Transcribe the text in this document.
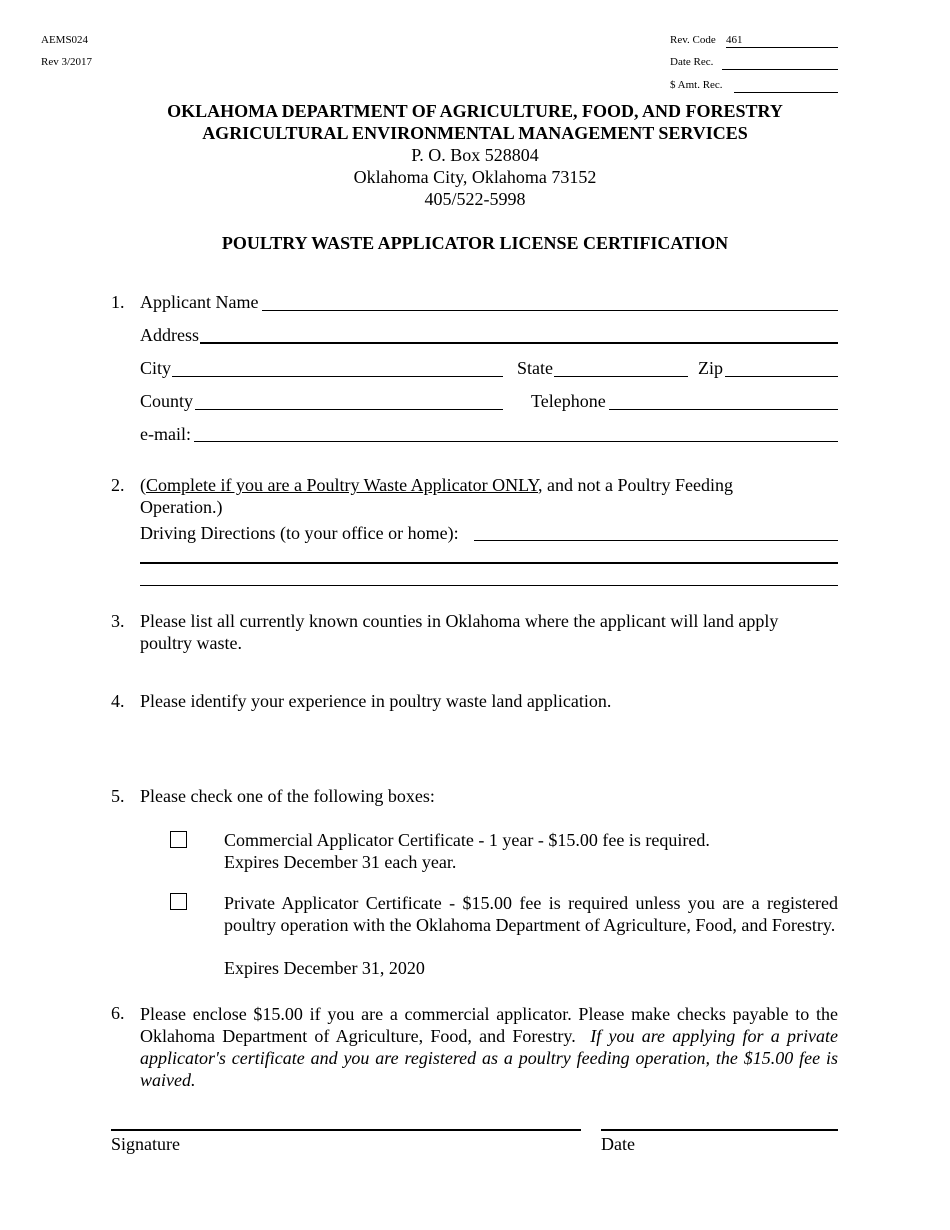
AEMS024
Rev 3/2017
Rev. Code 461
Date Rec.
$ Amt. Rec.
OKLAHOMA DEPARTMENT OF AGRICULTURE, FOOD, AND FORESTRY
AGRICULTURAL ENVIRONMENTAL MANAGEMENT SERVICES
P. O. Box 528804
Oklahoma City, Oklahoma 73152
405/522-5998
POULTRY WASTE APPLICATOR LICENSE CERTIFICATION
1. Applicant Name
Address
City	State	Zip
County	Telephone
e-mail:
2. (Complete if you are a Poultry Waste Applicator ONLY, and not a Poultry Feeding
Operation.)
Driving Directions (to your office or home):
3. Please list all currently known counties in Oklahoma where the applicant will land apply
poultry waste.
4. Please identify your experience in poultry waste land application.
5. Please check one of the following boxes:
Commercial Applicator Certificate - 1 year - $15.00 fee is required.
Expires December 31 each year.
Private Applicator Certificate - $15.00 fee is required unless you are a registered poultry operation with the Oklahoma Department of Agriculture, Food, and Forestry.
Expires December 31, 2020
6. Please enclose $15.00 if you are a commercial applicator. Please make checks payable to the Oklahoma Department of Agriculture, Food, and Forestry. If you are applying for a private applicator's certificate and you are registered as a poultry feeding operation, the $15.00 fee is waived.
Signature	Date
